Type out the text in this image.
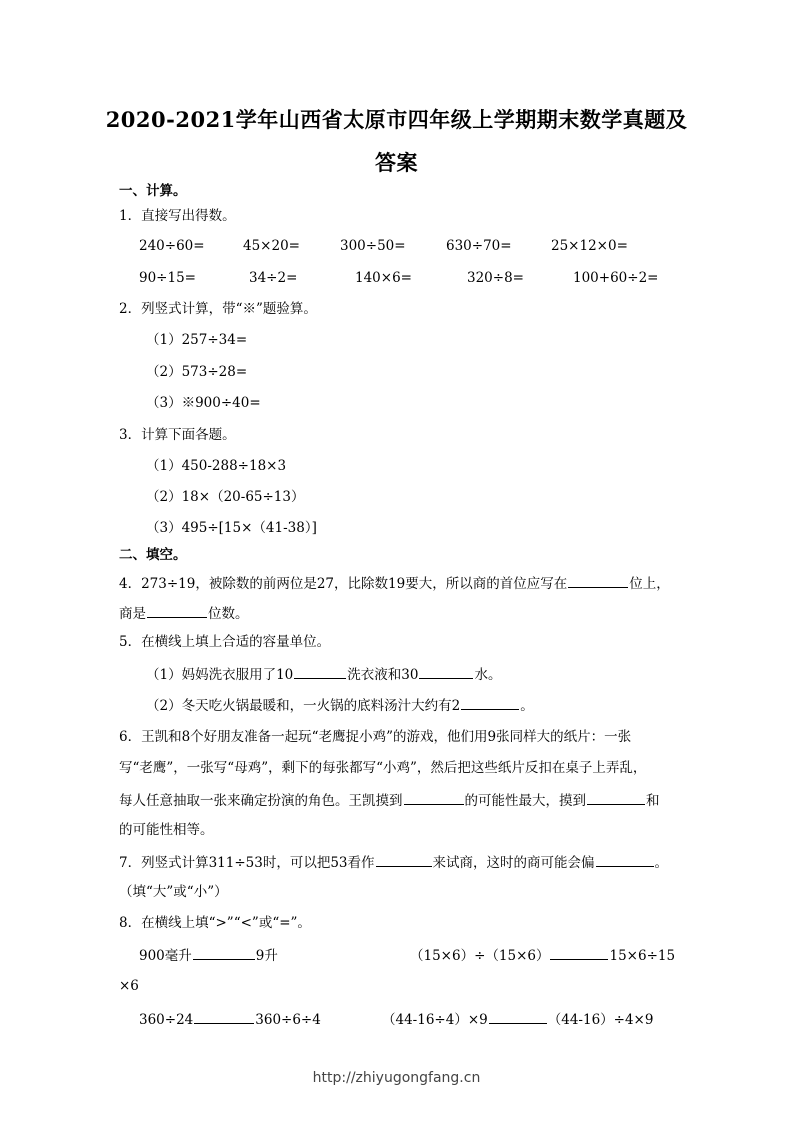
2020-2021学年山西省太原市四年级上学期期末数学真题及
答案
一、计算。
1．直接写出得数。
240÷60=	45×20=	300÷50=	630÷70=	25×12×0=
90÷15=	34÷2=	140×6=	320÷8=	100+60÷2=
2．列竖式计算，带“※”题验算。
（1）257÷34=
（2）573÷28=
（3）※900÷40=
3．计算下面各题。
（1）450-288÷18×3
（2）18×（20-65÷13）
（3）495÷[15×（41-38）]
二、填空。
4．273÷19，被除数的前两位是27，比除数19要大，所以商的首位应写在	位上，
商是	位数。
5．在横线上填上合适的容量单位。
（1）妈妈洗衣服用了10	洗衣液和30	水。
（2）冬天吃火锅最暖和，一火锅的底料汤汁大约有2	。
6．王凯和8个好朋友准备一起玩“老鹰捉小鸡”的游戏，他们用9张同样大的纸片：一张
写“老鹰”，一张写“母鸡”，剩下的每张都写“小鸡”，然后把这些纸片反扣在桌子上弄乱，
每人任意抽取一张来确定扮演的角色。王凯摸到	的可能性最大，摸到	和
的可能性相等。
7．列竖式计算311÷53时，可以把53看作	来试商，这时的商可能会偏	。
（填“大”或“小”）
8．在横线上填“>”“<”或“=”。
900毫升	9升	（15×6）÷（15×6）	15×6÷15
×6
360÷24	360÷6÷4	（44-16÷4）×9	（44-16）÷4×9
http://zhiyugongfang.cn
